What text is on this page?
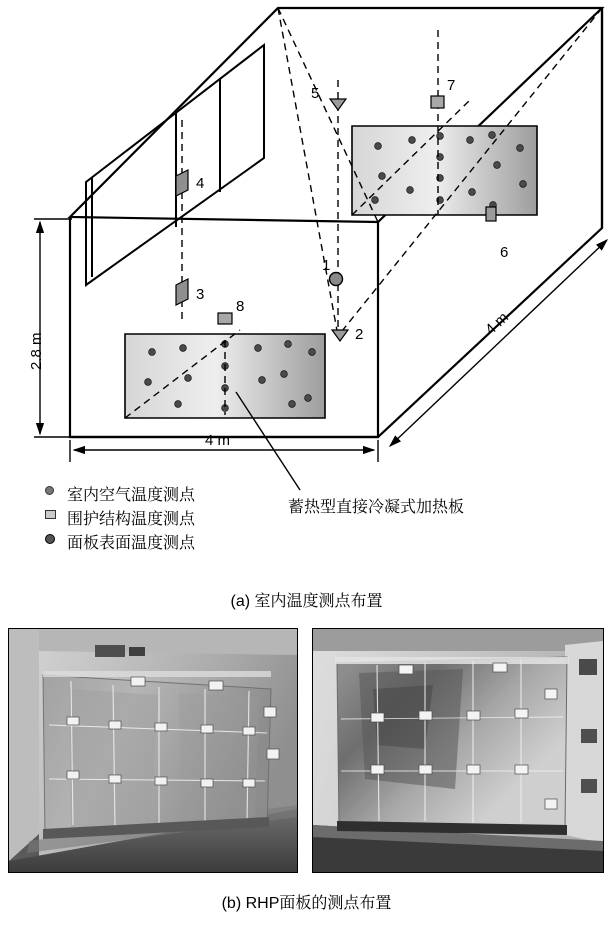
1
2
3
4
5
6
7
8
2.8 m
4 m
4 m
室内空气温度测点
围护结构温度测点
面板表面温度测点
蓄热型直接冷凝式加热板
(a) 室内温度测点布置
(b) RHP面板的测点布置
